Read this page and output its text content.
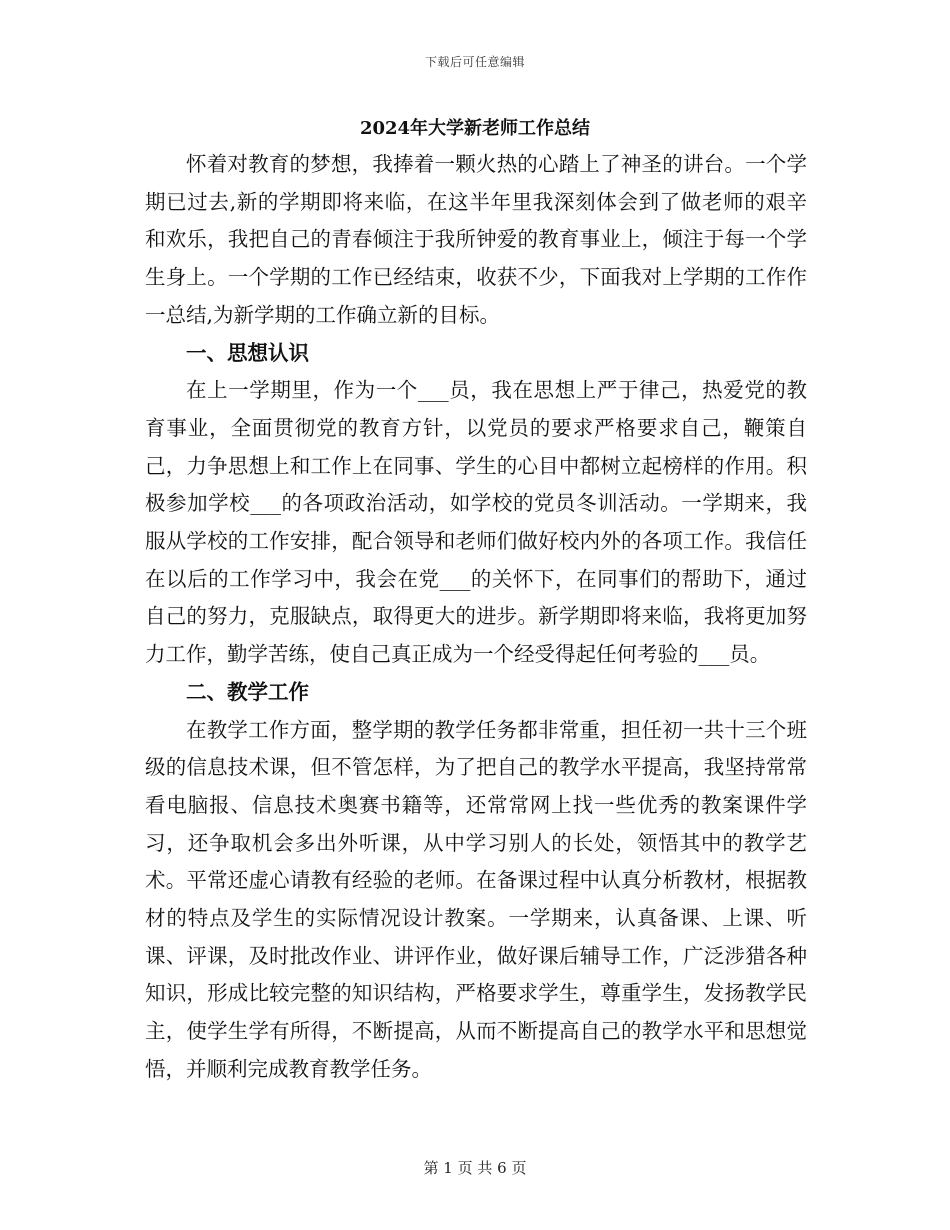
下载后可任意编辑
2024年大学新老师工作总结

怀着对教育的梦想，我捧着一颗火热的心踏上了神圣的讲台。一个学期已过去,新的学期即将来临，在这半年里我深刻体会到了做老师的艰辛和欢乐，我把自己的青春倾注于我所钟爱的教育事业上，倾注于每一个学生身上。一个学期的工作已经结束，收获不少，下面我对上学期的工作作一总结,为新学期的工作确立新的目标。

一、思想认识

在上一学期里，作为一个___员，我在思想上严于律己，热爱党的教育事业，全面贯彻党的教育方针，以党员的要求严格要求自己，鞭策自己，力争思想上和工作上在同事、学生的心目中都树立起榜样的作用。积极参加学校___的各项政治活动，如学校的党员冬训活动。一学期来，我服从学校的工作安排，配合领导和老师们做好校内外的各项工作。我信任在以后的工作学习中，我会在党___的关怀下，在同事们的帮助下，通过自己的努力，克服缺点，取得更大的进步。新学期即将来临，我将更加努力工作，勤学苦练，使自己真正成为一个经受得起任何考验的___员。

二、教学工作

在教学工作方面，整学期的教学任务都非常重，担任初一共十三个班级的信息技术课，但不管怎样，为了把自己的教学水平提高，我坚持常常看电脑报、信息技术奥赛书籍等，还常常网上找一些优秀的教案课件学习，还争取机会多出外听课，从中学习别人的长处，领悟其中的教学艺术。平常还虚心请教有经验的老师。在备课过程中认真分析教材，根据教材的特点及学生的实际情况设计教案。一学期来，认真备课、上课、听课、评课，及时批改作业、讲评作业，做好课后辅导工作，广泛涉猎各种知识，形成比较完整的知识结构，严格要求学生，尊重学生，发扬教学民主，使学生学有所得，不断提高，从而不断提高自己的教学水平和思想觉悟，并顺利完成教育教学任务。

第 1 页 共 6 页
